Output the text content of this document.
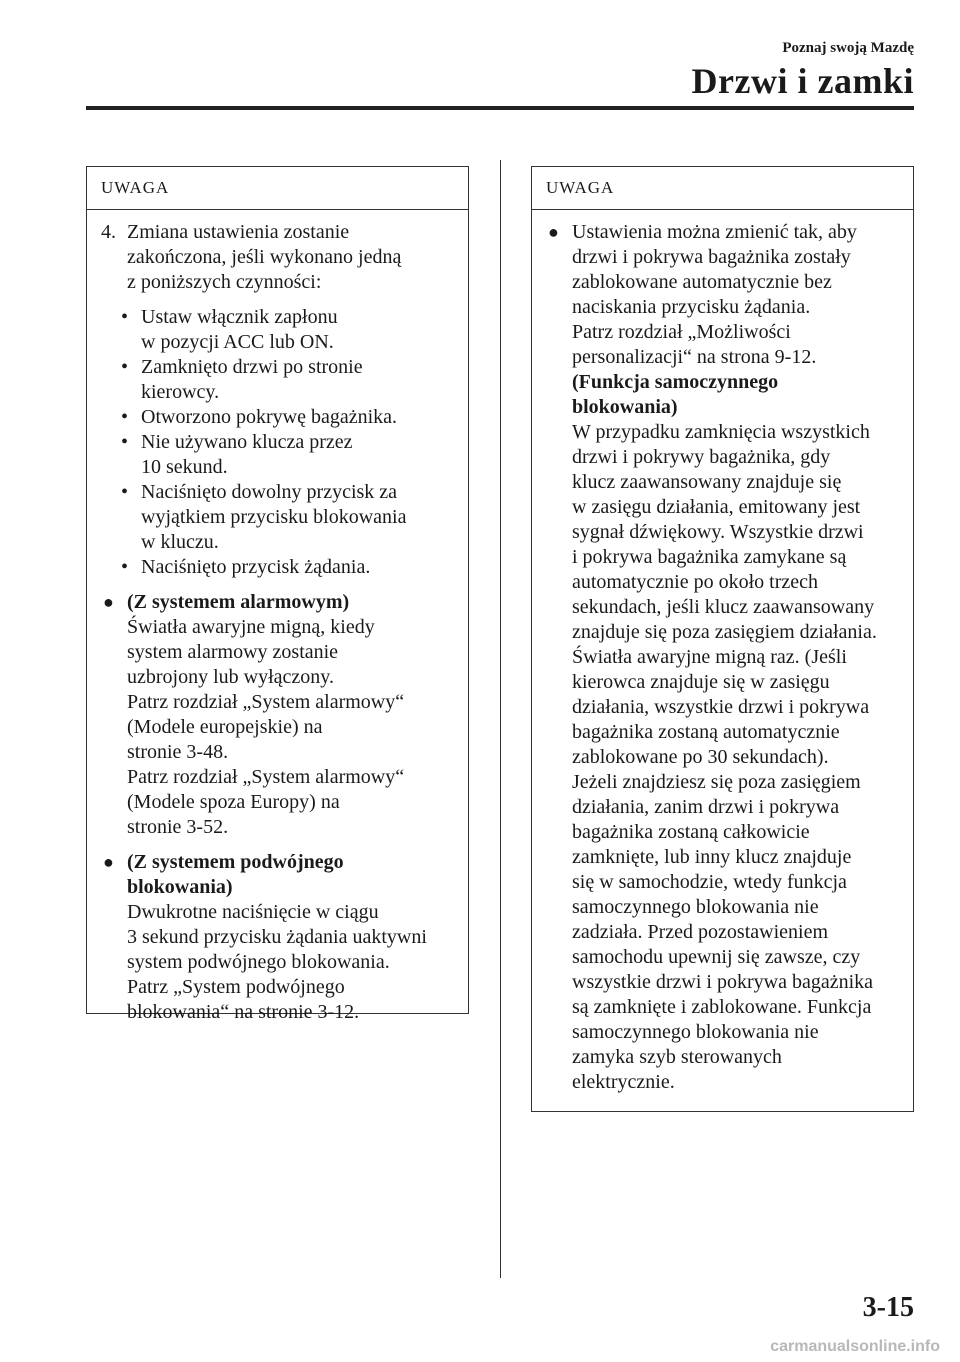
Poznaj swoją Mazdę
Drzwi i zamki
UWAGA
4. Zmiana ustawienia zostanie
zakończona, jeśli wykonano jedną
z poniższych czynności:
• Ustaw włącznik zapłonu
w pozycji ACC lub ON.
• Zamknięto drzwi po stronie
kierowcy.
• Otworzono pokrywę bagażnika.
• Nie używano klucza przez
10 sekund.
• Naciśnięto dowolny przycisk za
wyjątkiem przycisku blokowania
w kluczu.
• Naciśnięto przycisk żądania.
● (Z systemem alarmowym)
Światła awaryjne migną, kiedy
system alarmowy zostanie
uzbrojony lub wyłączony.
Patrz rozdział „System alarmowy“
(Modele europejskie) na
stronie 3-48.
Patrz rozdział „System alarmowy“
(Modele spoza Europy) na
stronie 3-52.
● (Z systemem podwójnego
blokowania)
Dwukrotne naciśnięcie w ciągu
3 sekund przycisku żądania uaktywni
system podwójnego blokowania.
Patrz „System podwójnego
blokowania“ na stronie 3-12.
UWAGA
● Ustawienia można zmienić tak, aby
drzwi i pokrywa bagażnika zostały
zablokowane automatycznie bez
naciskania przycisku żądania.
Patrz rozdział „Możliwości
personalizacji“ na strona 9-12.
(Funkcja samoczynnego
blokowania)
W przypadku zamknięcia wszystkich
drzwi i pokrywy bagażnika, gdy
klucz zaawansowany znajduje się
w zasięgu działania, emitowany jest
sygnał dźwiękowy. Wszystkie drzwi
i pokrywa bagażnika zamykane są
automatycznie po około trzech
sekundach, jeśli klucz zaawansowany
znajduje się poza zasięgiem działania.
Światła awaryjne migną raz. (Jeśli
kierowca znajduje się w zasięgu
działania, wszystkie drzwi i pokrywa
bagażnika zostaną automatycznie
zablokowane po 30 sekundach).
Jeżeli znajdziesz się poza zasięgiem
działania, zanim drzwi i pokrywa
bagażnika zostaną całkowicie
zamknięte, lub inny klucz znajduje
się w samochodzie, wtedy funkcja
samoczynnego blokowania nie
zadziała. Przed pozostawieniem
samochodu upewnij się zawsze, czy
wszystkie drzwi i pokrywa bagażnika
są zamknięte i zablokowane. Funkcja
samoczynnego blokowania nie
zamyka szyb sterowanych
elektrycznie.
3-15
carmanualsonline.info
